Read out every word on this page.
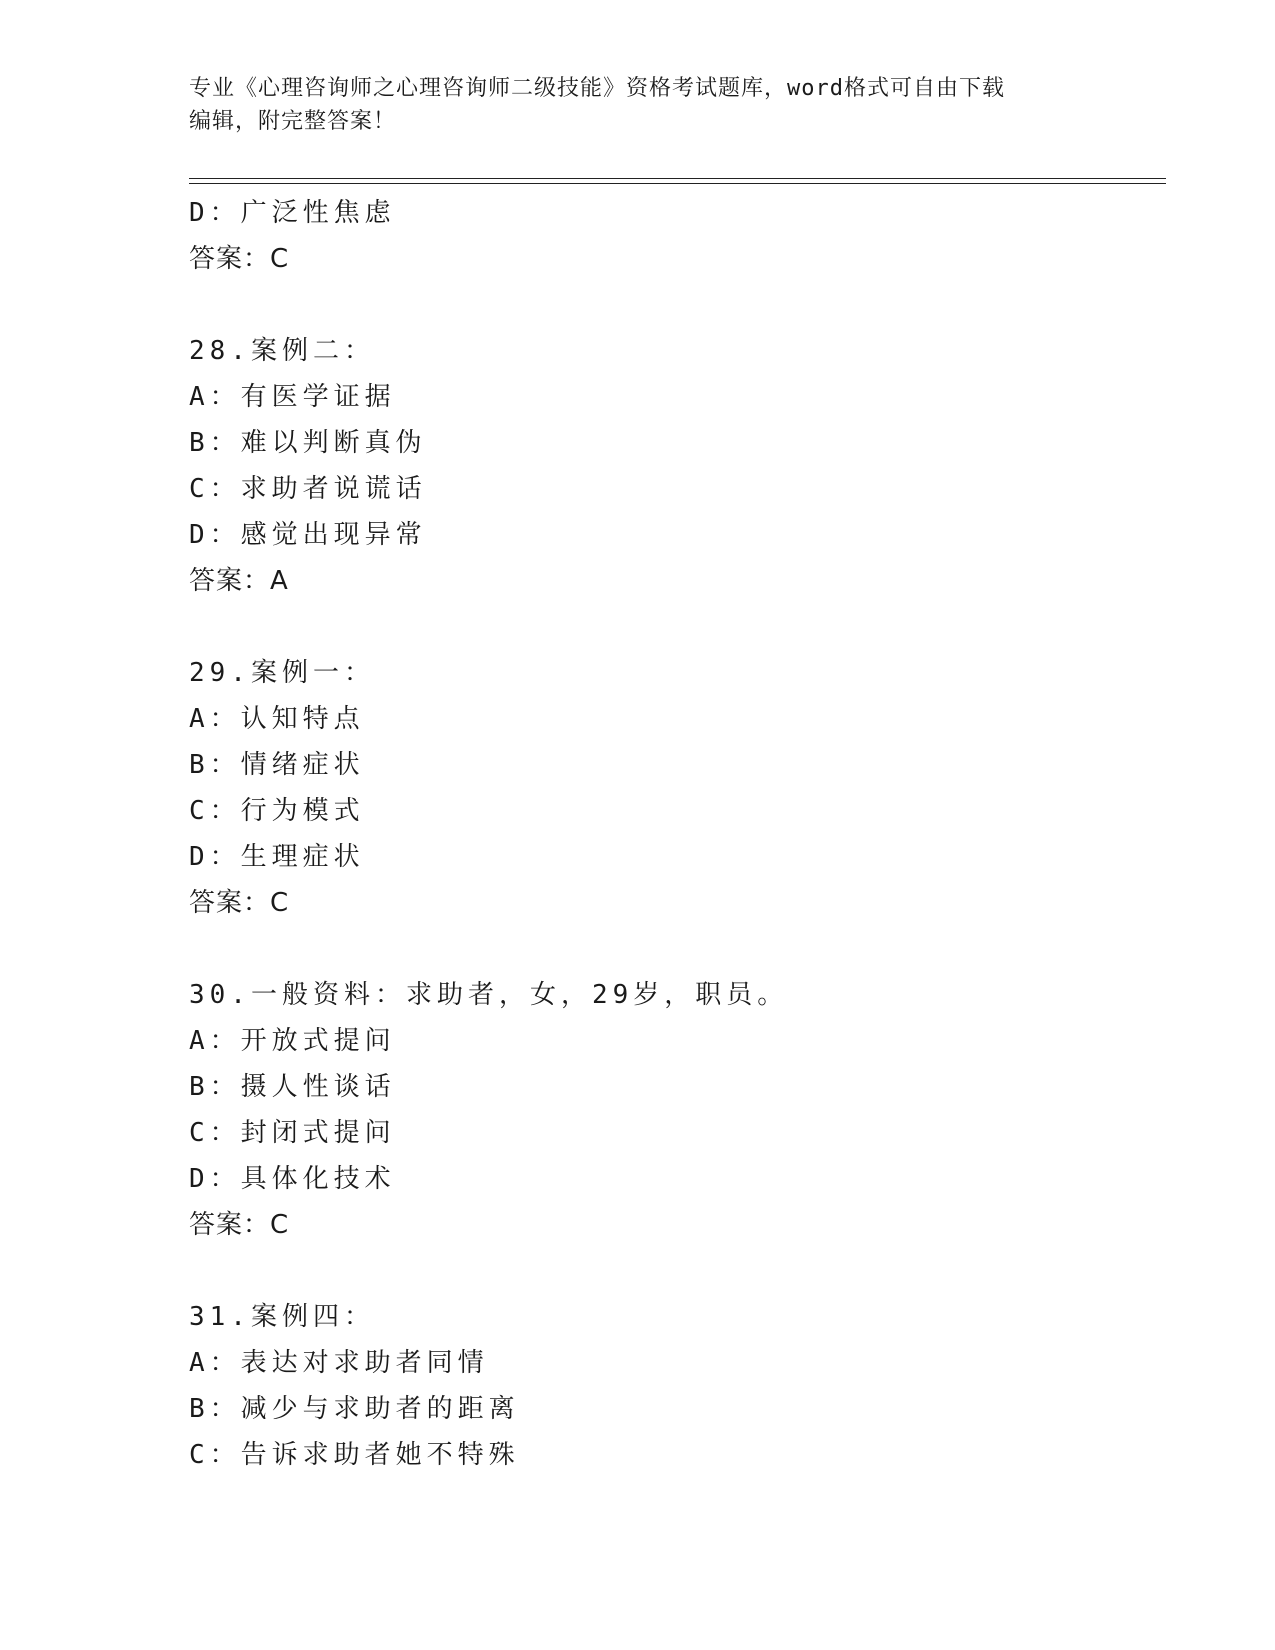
专业《心理咨询师之心理咨询师二级技能》资格考试题库，word格式可自由下载
编辑，附完整答案！
D：广泛性焦虑
答案：C
28.案例二：
A：有医学证据
B：难以判断真伪
C：求助者说谎话
D：感觉出现异常
答案：A
29.案例一：
A：认知特点
B：情绪症状
C：行为模式
D：生理症状
答案：C
30.一般资料：求助者，女，29岁，职员。
A：开放式提问
B：摄人性谈话
C：封闭式提问
D：具体化技术
答案：C
31.案例四：
A：表达对求助者同情
B：减少与求助者的距离
C：告诉求助者她不特殊
